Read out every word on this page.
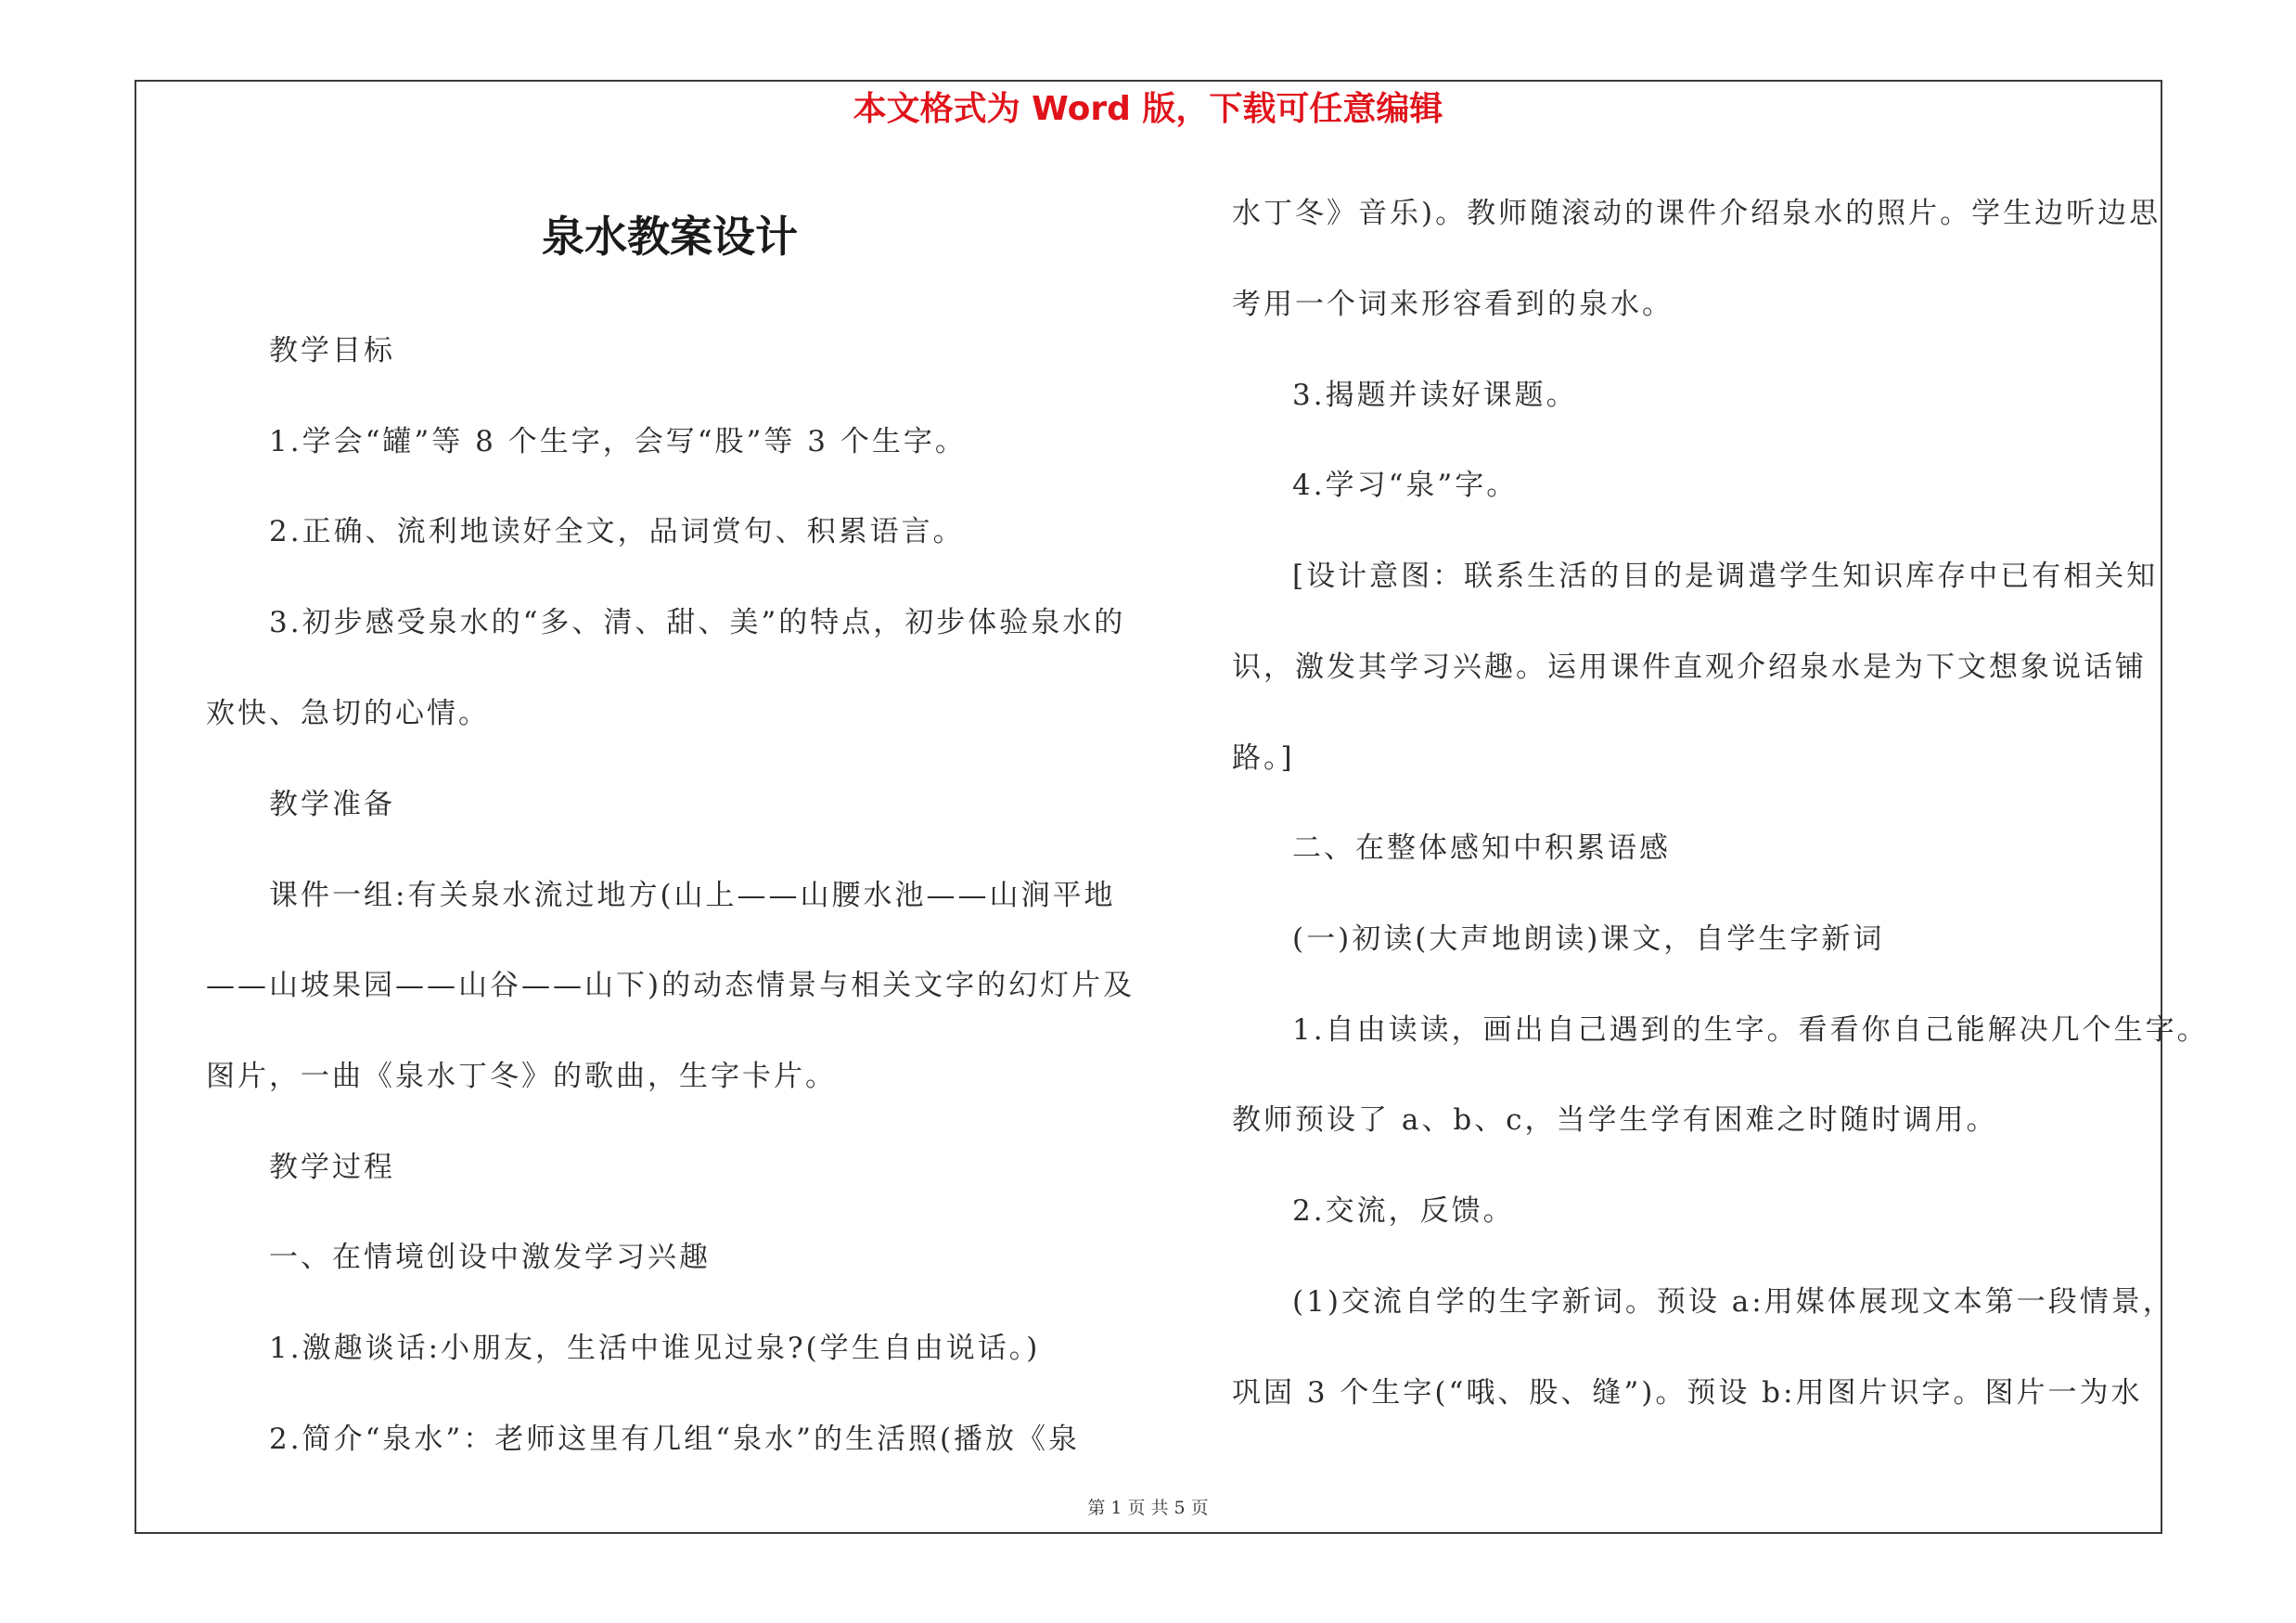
本文格式为 Word 版，下载可任意编辑
泉水教案设计
教学目标
1.学会“罐”等 8 个生字，会写“股”等 3 个生字。
2.正确、流利地读好全文，品词赏句、积累语言。
3.初步感受泉水的“多、清、甜、美”的特点，初步体验泉水的
欢快、急切的心情。
教学准备
课件一组:有关泉水流过地方(山上——山腰水池——山涧平地
——山坡果园——山谷——山下)的动态情景与相关文字的幻灯片及
图片，一曲《泉水丁冬》的歌曲，生字卡片。
教学过程
一、在情境创设中激发学习兴趣
1.激趣谈话:小朋友，生活中谁见过泉?(学生自由说话。)
2.简介“泉水”：老师这里有几组“泉水”的生活照(播放《泉
水丁冬》音乐)。教师随滚动的课件介绍泉水的照片。学生边听边思
考用一个词来形容看到的泉水。
3.揭题并读好课题。
4.学习“泉”字。
[设计意图：联系生活的目的是调遣学生知识库存中已有相关知
识，激发其学习兴趣。运用课件直观介绍泉水是为下文想象说话铺
路。]
二、在整体感知中积累语感
(一)初读(大声地朗读)课文，自学生字新词
1.自由读读，画出自己遇到的生字。看看你自己能解决几个生字。
教师预设了 a、b、c，当学生学有困难之时随时调用。
2.交流，反馈。
(1)交流自学的生字新词。预设 a:用媒体展现文本第一段情景，
巩固 3 个生字(“哦、股、缝”)。预设 b:用图片识字。图片一为水
第 1 页 共 5 页
